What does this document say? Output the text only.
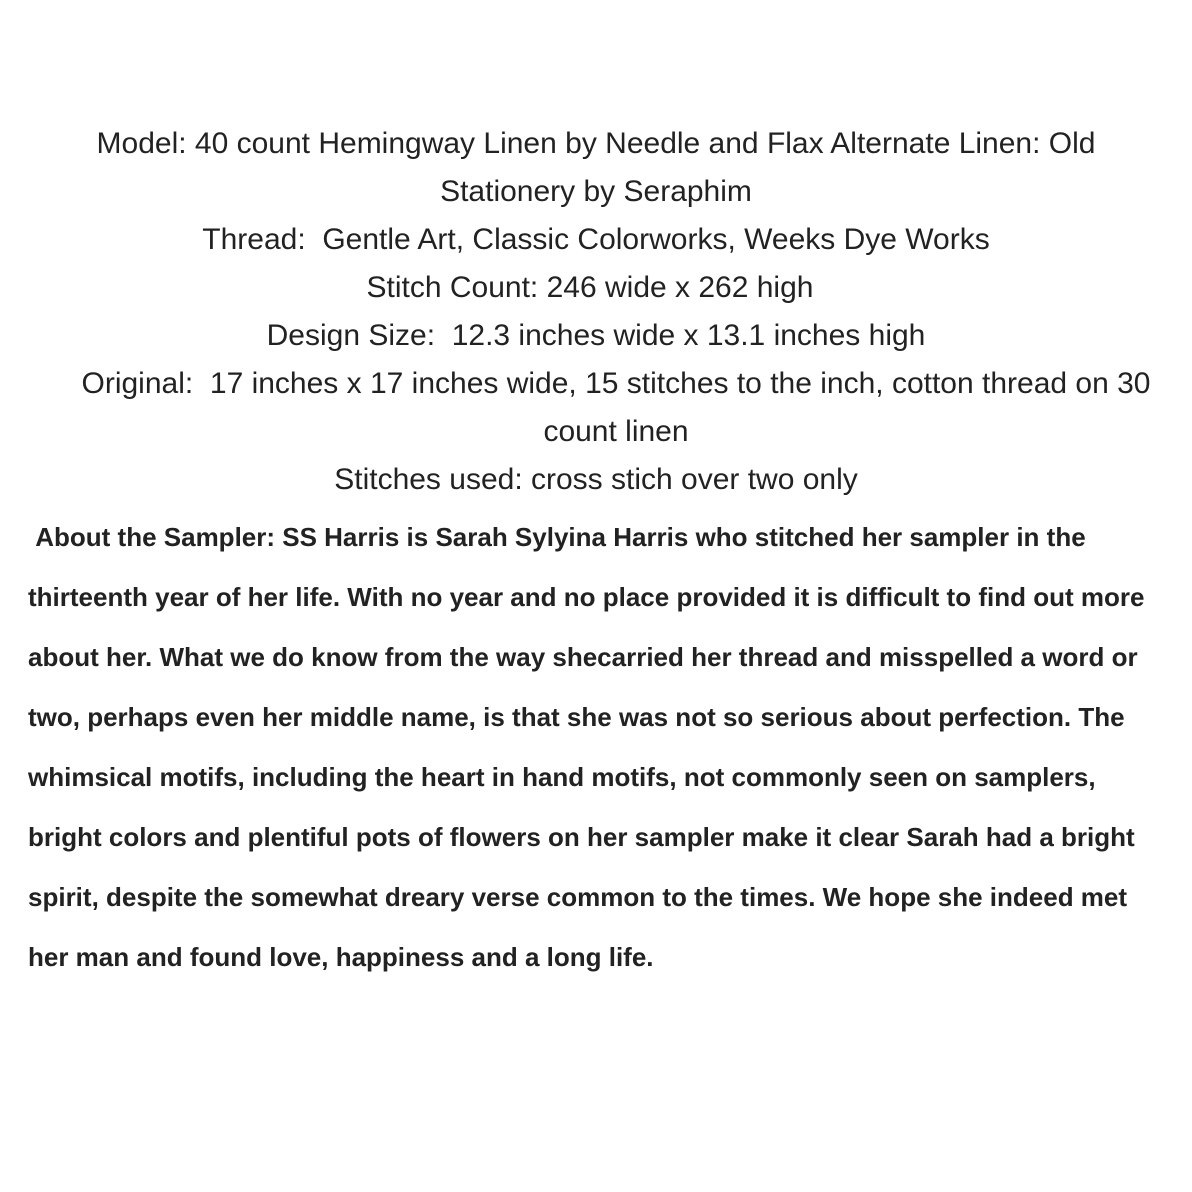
Model: 40 count Hemingway Linen by Needle and Flax Alternate Linen: Old Stationery by Seraphim
Thread:  Gentle Art, Classic Colorworks, Weeks Dye Works
Stitch Count: 246 wide x 262 high
Design Size:  12.3 inches wide x 13.1 inches high
Original:  17 inches x 17 inches wide, 15 stitches to the inch, cotton thread on 30 count linen
Stitches used: cross stich over two only
About the Sampler: SS Harris is Sarah Sylyina Harris who stitched her sampler in the thirteenth year of her life. With no year and no place provided it is difficult to find out more about her. What we do know from the way shecarried her thread and misspelled a word or two, perhaps even her middle name, is that she was not so serious about perfection. The whimsical motifs, including the heart in hand motifs, not commonly seen on samplers, bright colors and plentiful pots of flowers on her sampler make it clear Sarah had a bright spirit, despite the somewhat dreary verse common to the times. We hope she indeed met her man and found love, happiness and a long life.
